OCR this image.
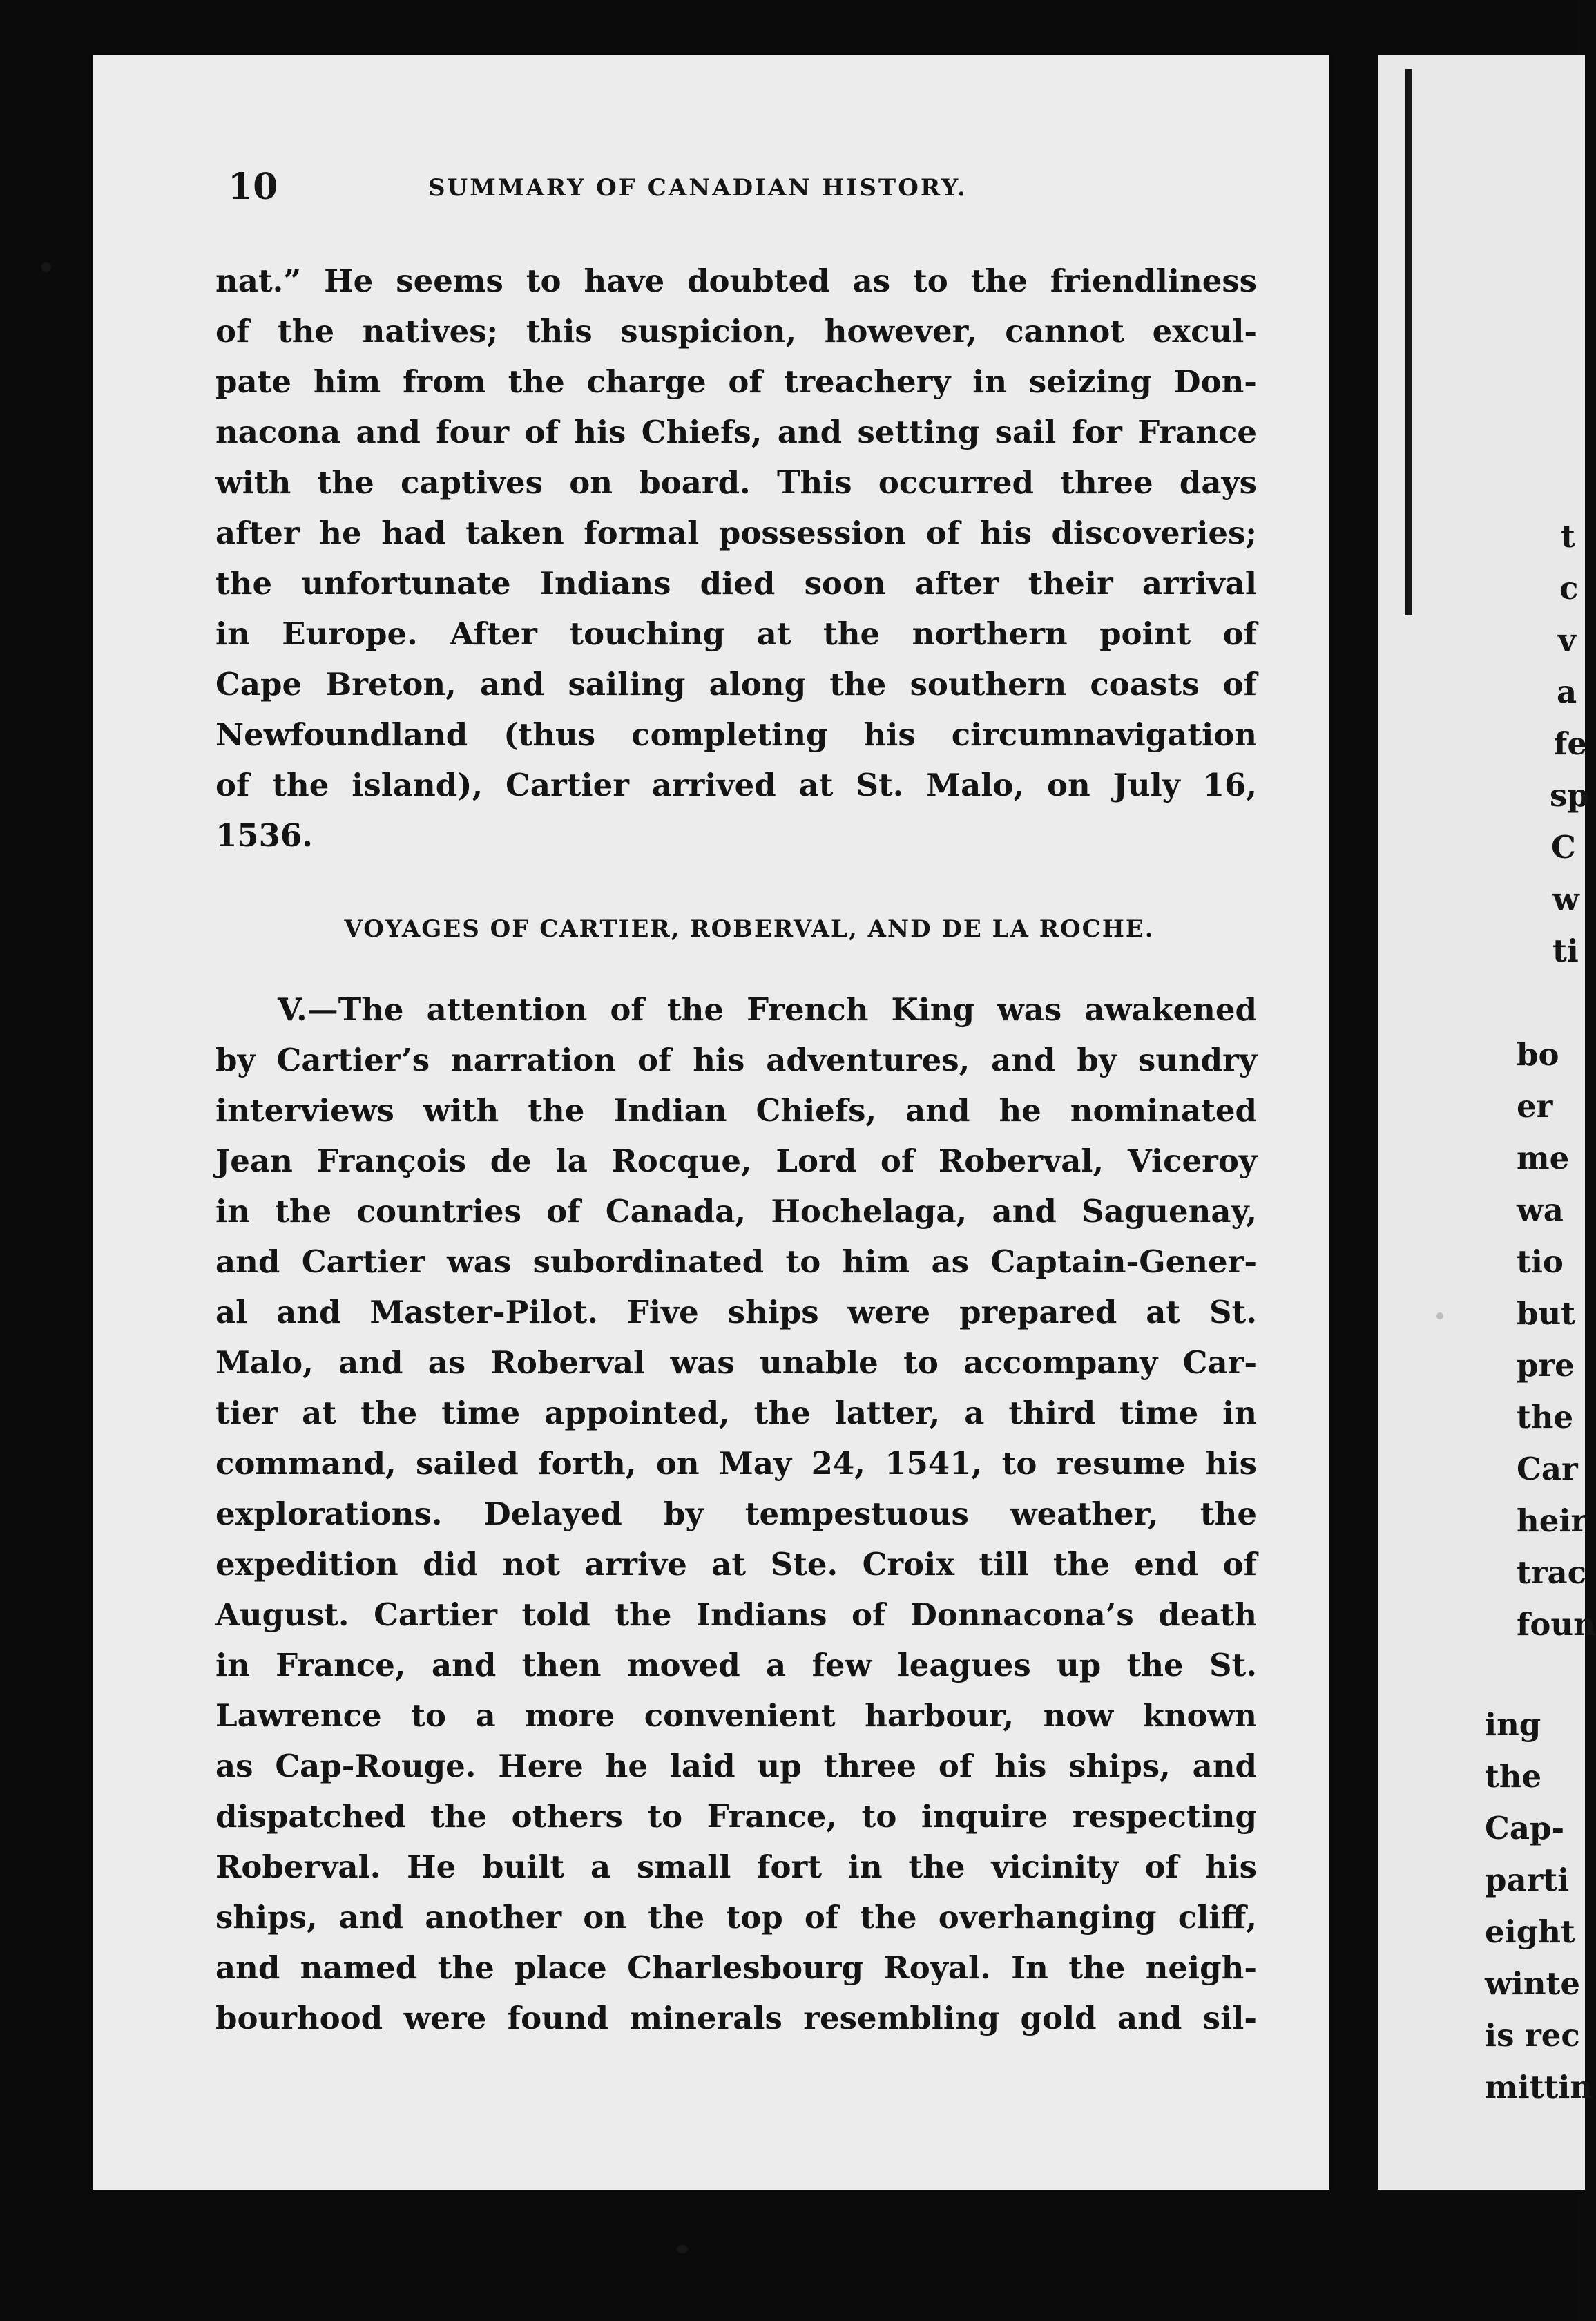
10	SUMMARY OF CANADIAN HISTORY.
nat.” He seems to have doubted as to the friendliness
of the natives; this suspicion, however, cannot excul-
pate him from the charge of treachery in seizing Don-
nacona and four of his Chiefs, and setting sail for France
with the captives on board. This occurred three days
after he had taken formal possession of his discoveries;
the unfortunate Indians died soon after their arrival
in Europe. After touching at the northern point of
Cape Breton, and sailing along the southern coasts of
Newfoundland (thus completing his circumnavigation
of the island), Cartier arrived at St. Malo, on July 16,
1536.
VOYAGES OF CARTIER, ROBERVAL, AND DE LA ROCHE.
V.—The attention of the French King was awakened
by Cartier’s narration of his adventures, and by sundry
interviews with the Indian Chiefs, and he nominated
Jean François de la Rocque, Lord of Roberval, Viceroy
in the countries of Canada, Hochelaga, and Saguenay,
and Cartier was subordinated to him as Captain-Gener-
al and Master-Pilot. Five ships were prepared at St.
Malo, and as Roberval was unable to accompany Car-
tier at the time appointed, the latter, a third time in
command, sailed forth, on May 24, 1541, to resume his
explorations. Delayed by tempestuous weather, the
expedition did not arrive at Ste. Croix till the end of
August. Cartier told the Indians of Donnacona’s death
in France, and then moved a few leagues up the St.
Lawrence to a more convenient harbour, now known
as Cap-Rouge. Here he laid up three of his ships, and
dispatched the others to France, to inquire respecting
Roberval. He built a small fort in the vicinity of his
ships, and another on the top of the overhanging cliff,
and named the place Charlesbourg Royal. In the neigh-
bourhood were found minerals resembling gold and sil-
t
c
v
a
fe
sp
C
w
ti
bo
er
me
wa
tio
but
pre
the
Car
heir
trac
foun
ing
the
Cap-
parti
eight
winte
is rec
mittin
